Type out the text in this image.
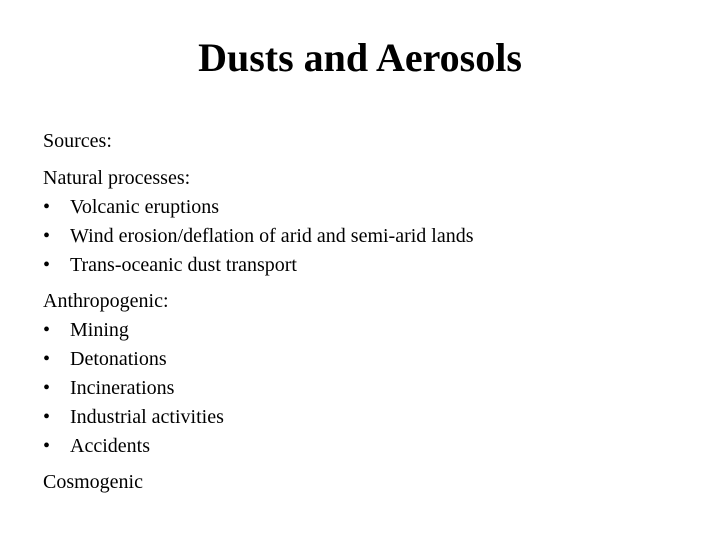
Dusts and Aerosols
Sources:
Natural processes:
• Volcanic eruptions
• Wind erosion/deflation of arid and semi-arid lands
• Trans-oceanic dust transport
Anthropogenic:
• Mining
• Detonations
• Incinerations
• Industrial activities
• Accidents
Cosmogenic
